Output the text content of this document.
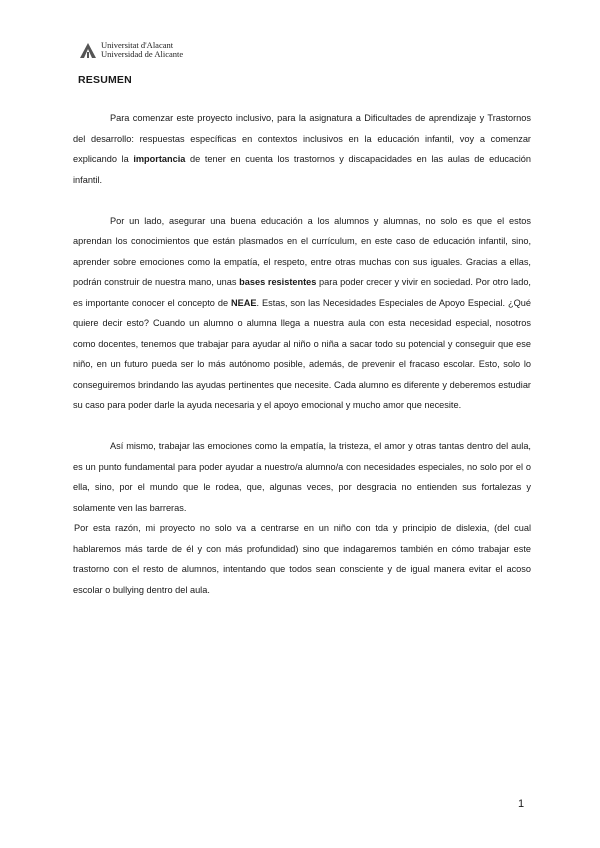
Universitat d'Alacant
Universidad de Alicante
RESUMEN

Para comenzar este proyecto inclusivo, para la asignatura a Dificultades de aprendizaje y Trastornos del desarrollo: respuestas específicas en contextos inclusivos en la educación infantil, voy a comenzar explicando la importancia de tener en cuenta los trastornos y discapacidades en las aulas de educación infantil.

Por un lado, asegurar una buena educación a los alumnos y alumnas, no solo es que el estos aprendan los conocimientos que están plasmados en el currículum, en este caso de educación infantil, sino, aprender sobre emociones como la empatía, el respeto, entre otras muchas con sus iguales. Gracias a ellas, podrán construir de nuestra mano, unas bases resistentes para poder crecer y vivir en sociedad. Por otro lado, es importante conocer el concepto de NEAE. Estas, son las Necesidades Especiales de Apoyo Especial. ¿Qué quiere decir esto? Cuando un alumno o alumna llega a nuestra aula con esta necesidad especial, nosotros como docentes, tenemos que trabajar para ayudar al niño o niña a sacar todo su potencial y conseguir que ese niño, en un futuro pueda ser lo más autónomo posible, además, de prevenir el fracaso escolar. Esto, solo lo conseguiremos brindando las ayudas pertinentes que necesite. Cada alumno es diferente y deberemos estudiar su caso para poder darle la ayuda necesaria y el apoyo emocional y mucho amor que necesite.

Así mismo, trabajar las emociones como la empatía, la tristeza, el amor y otras tantas dentro del aula, es un punto fundamental para poder ayudar a nuestro/a alumno/a con necesidades especiales, no solo por el o ella, sino, por el mundo que le rodea, que, algunas veces, por desgracia no entienden sus fortalezas y solamente ven las barreras.

Por esta razón, mi proyecto no solo va a centrarse en un niño con tda y principio de dislexia, (del cual hablaremos más tarde de él y con más profundidad) sino que indagaremos también en cómo trabajar este trastorno con el resto de alumnos, intentando que todos sean consciente y de igual manera evitar el acoso escolar o bullying dentro del aula.

1
